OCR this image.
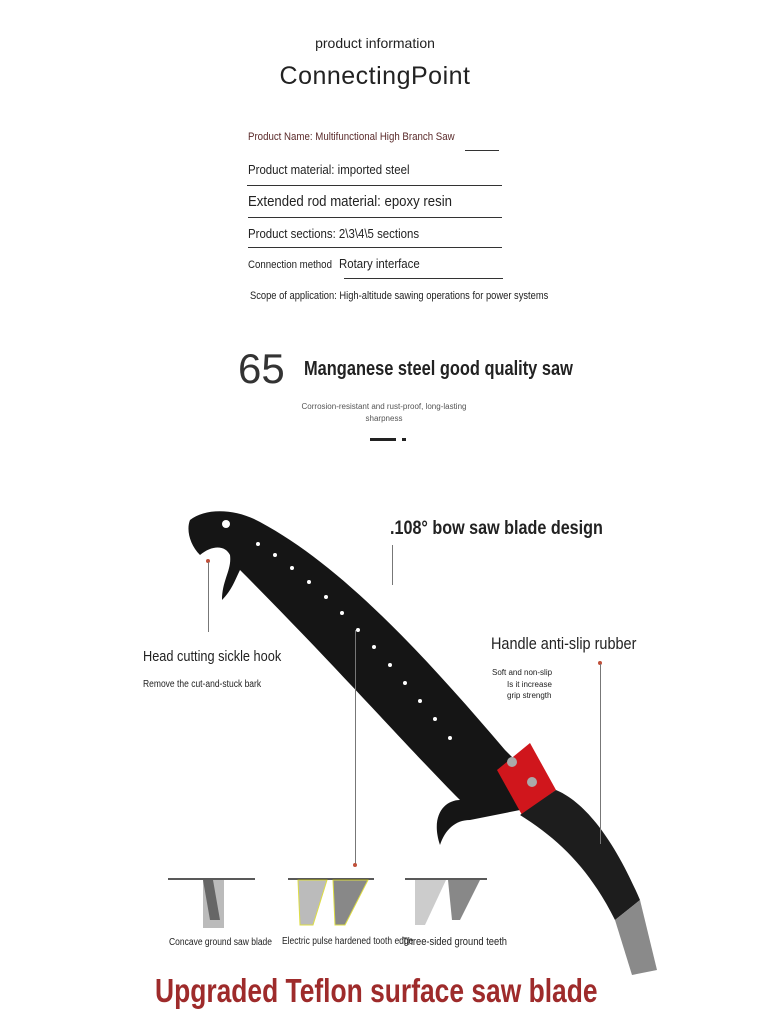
product information
ConnectingPoint
Product Name: Multifunctional High Branch Saw
Product material: imported steel
Extended rod material: epoxy resin
Product sections: 2\3\4\5 sections
Connection method Rotary interface
Scope of application: High-altitude sawing operations for power systems
65 Manganese steel good quality saw
Corrosion-resistant and rust-proof, long-lasting
sharpness
.108° bow saw blade design
Head cutting sickle hook
Remove the cut-and-stuck bark
Handle anti-slip rubber
Soft and non-slip
Is it increase
grip strength
Concave ground saw blade Electric pulse hardened tooth edge
Three-sided ground teeth
Upgraded Teflon surface saw blade
